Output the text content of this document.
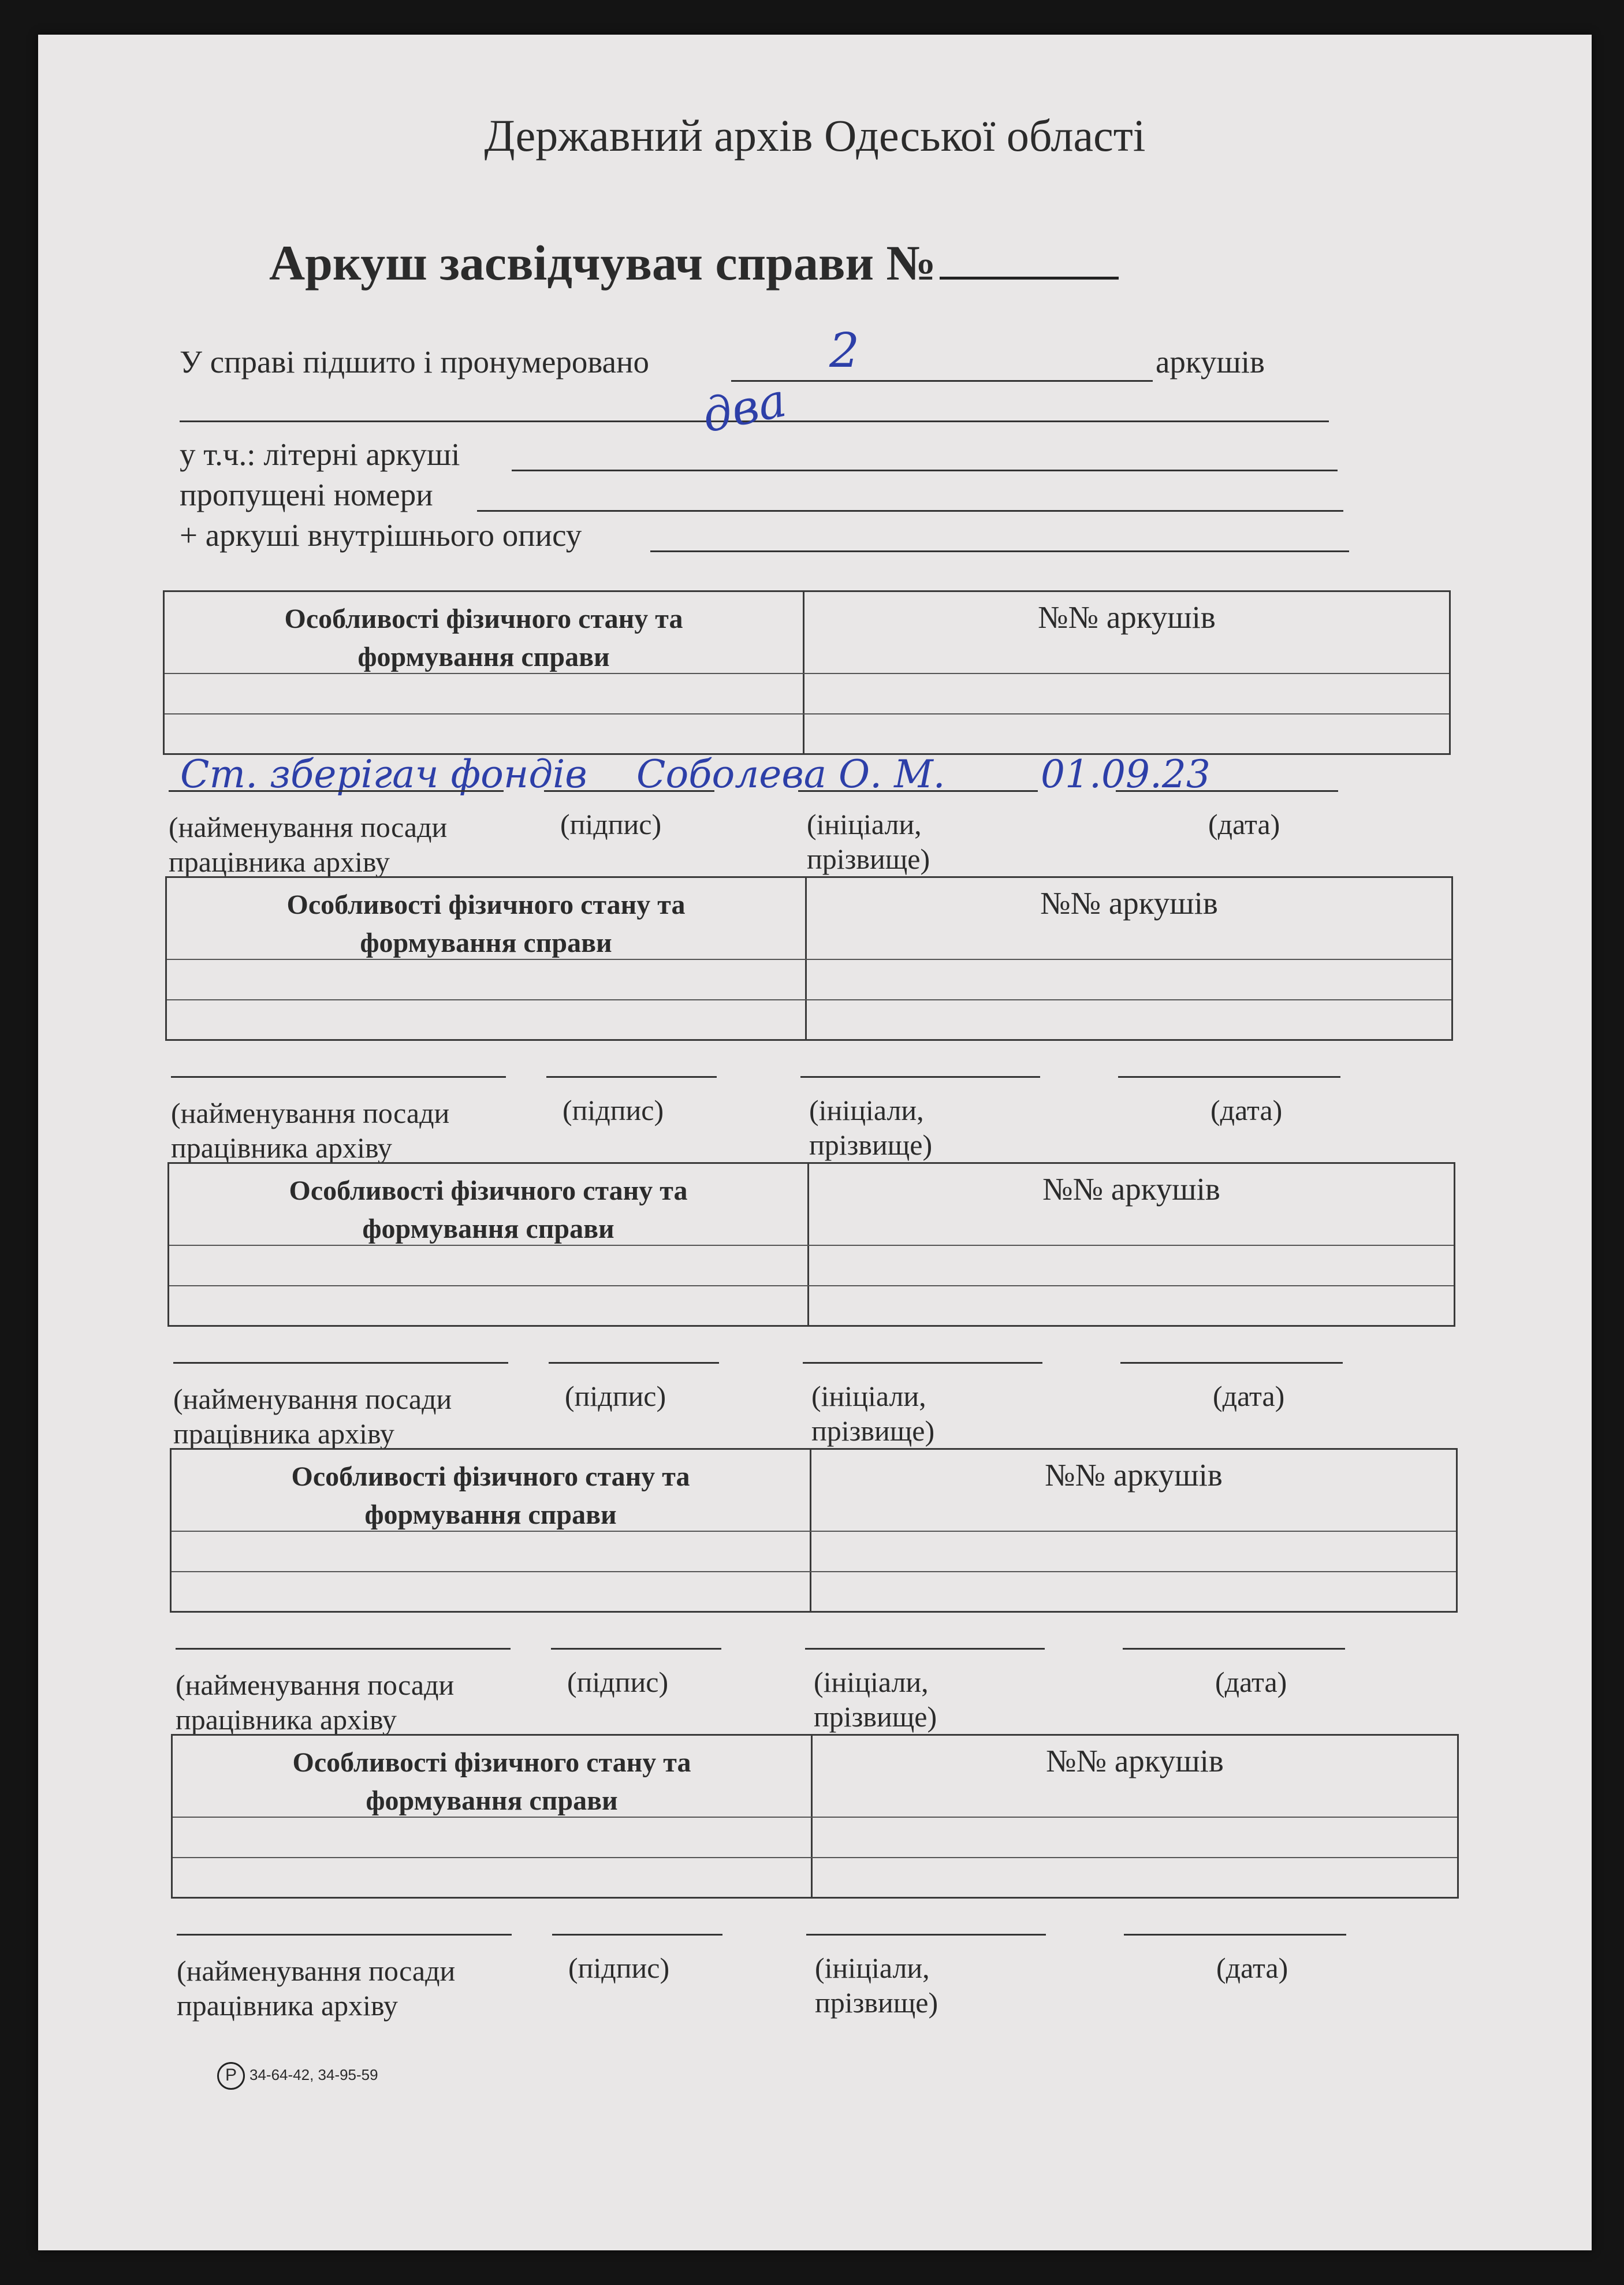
Державний архів Одеської області
Аркуш засвідчувач справи №
У справі підшито і пронумеровано	2	аркушів
два
у т.ч.: літерні аркуші
пропущені номери
+ аркуші внутрішнього опису
Особливості фізичного стану та
формування справи
№№ аркушів
Ст. зберігач фондів Соболева О. М.	01.09.23
(найменування посади
працівника архіву
(підпис)	(ініціали,
прізвище)
(дата)
Особливості фізичного стану та
формування справи
№№ аркушів
(найменування посади
працівника архіву
(підпис)	(ініціали,
прізвище)
(дата)
Особливості фізичного стану та
формування справи
№№ аркушів
(найменування посади
працівника архіву
(підпис)	(ініціали,
прізвище)
(дата)
Особливості фізичного стану та
формування справи
№№ аркушів
(найменування посади
працівника архіву
(підпис)	(ініціали,
прізвище)
(дата)
Особливості фізичного стану та
формування справи
№№ аркушів
(найменування посади
працівника архіву
(підпис)	(ініціали,
прізвище)
(дата)
Р 34-64-42, 34-95-59
